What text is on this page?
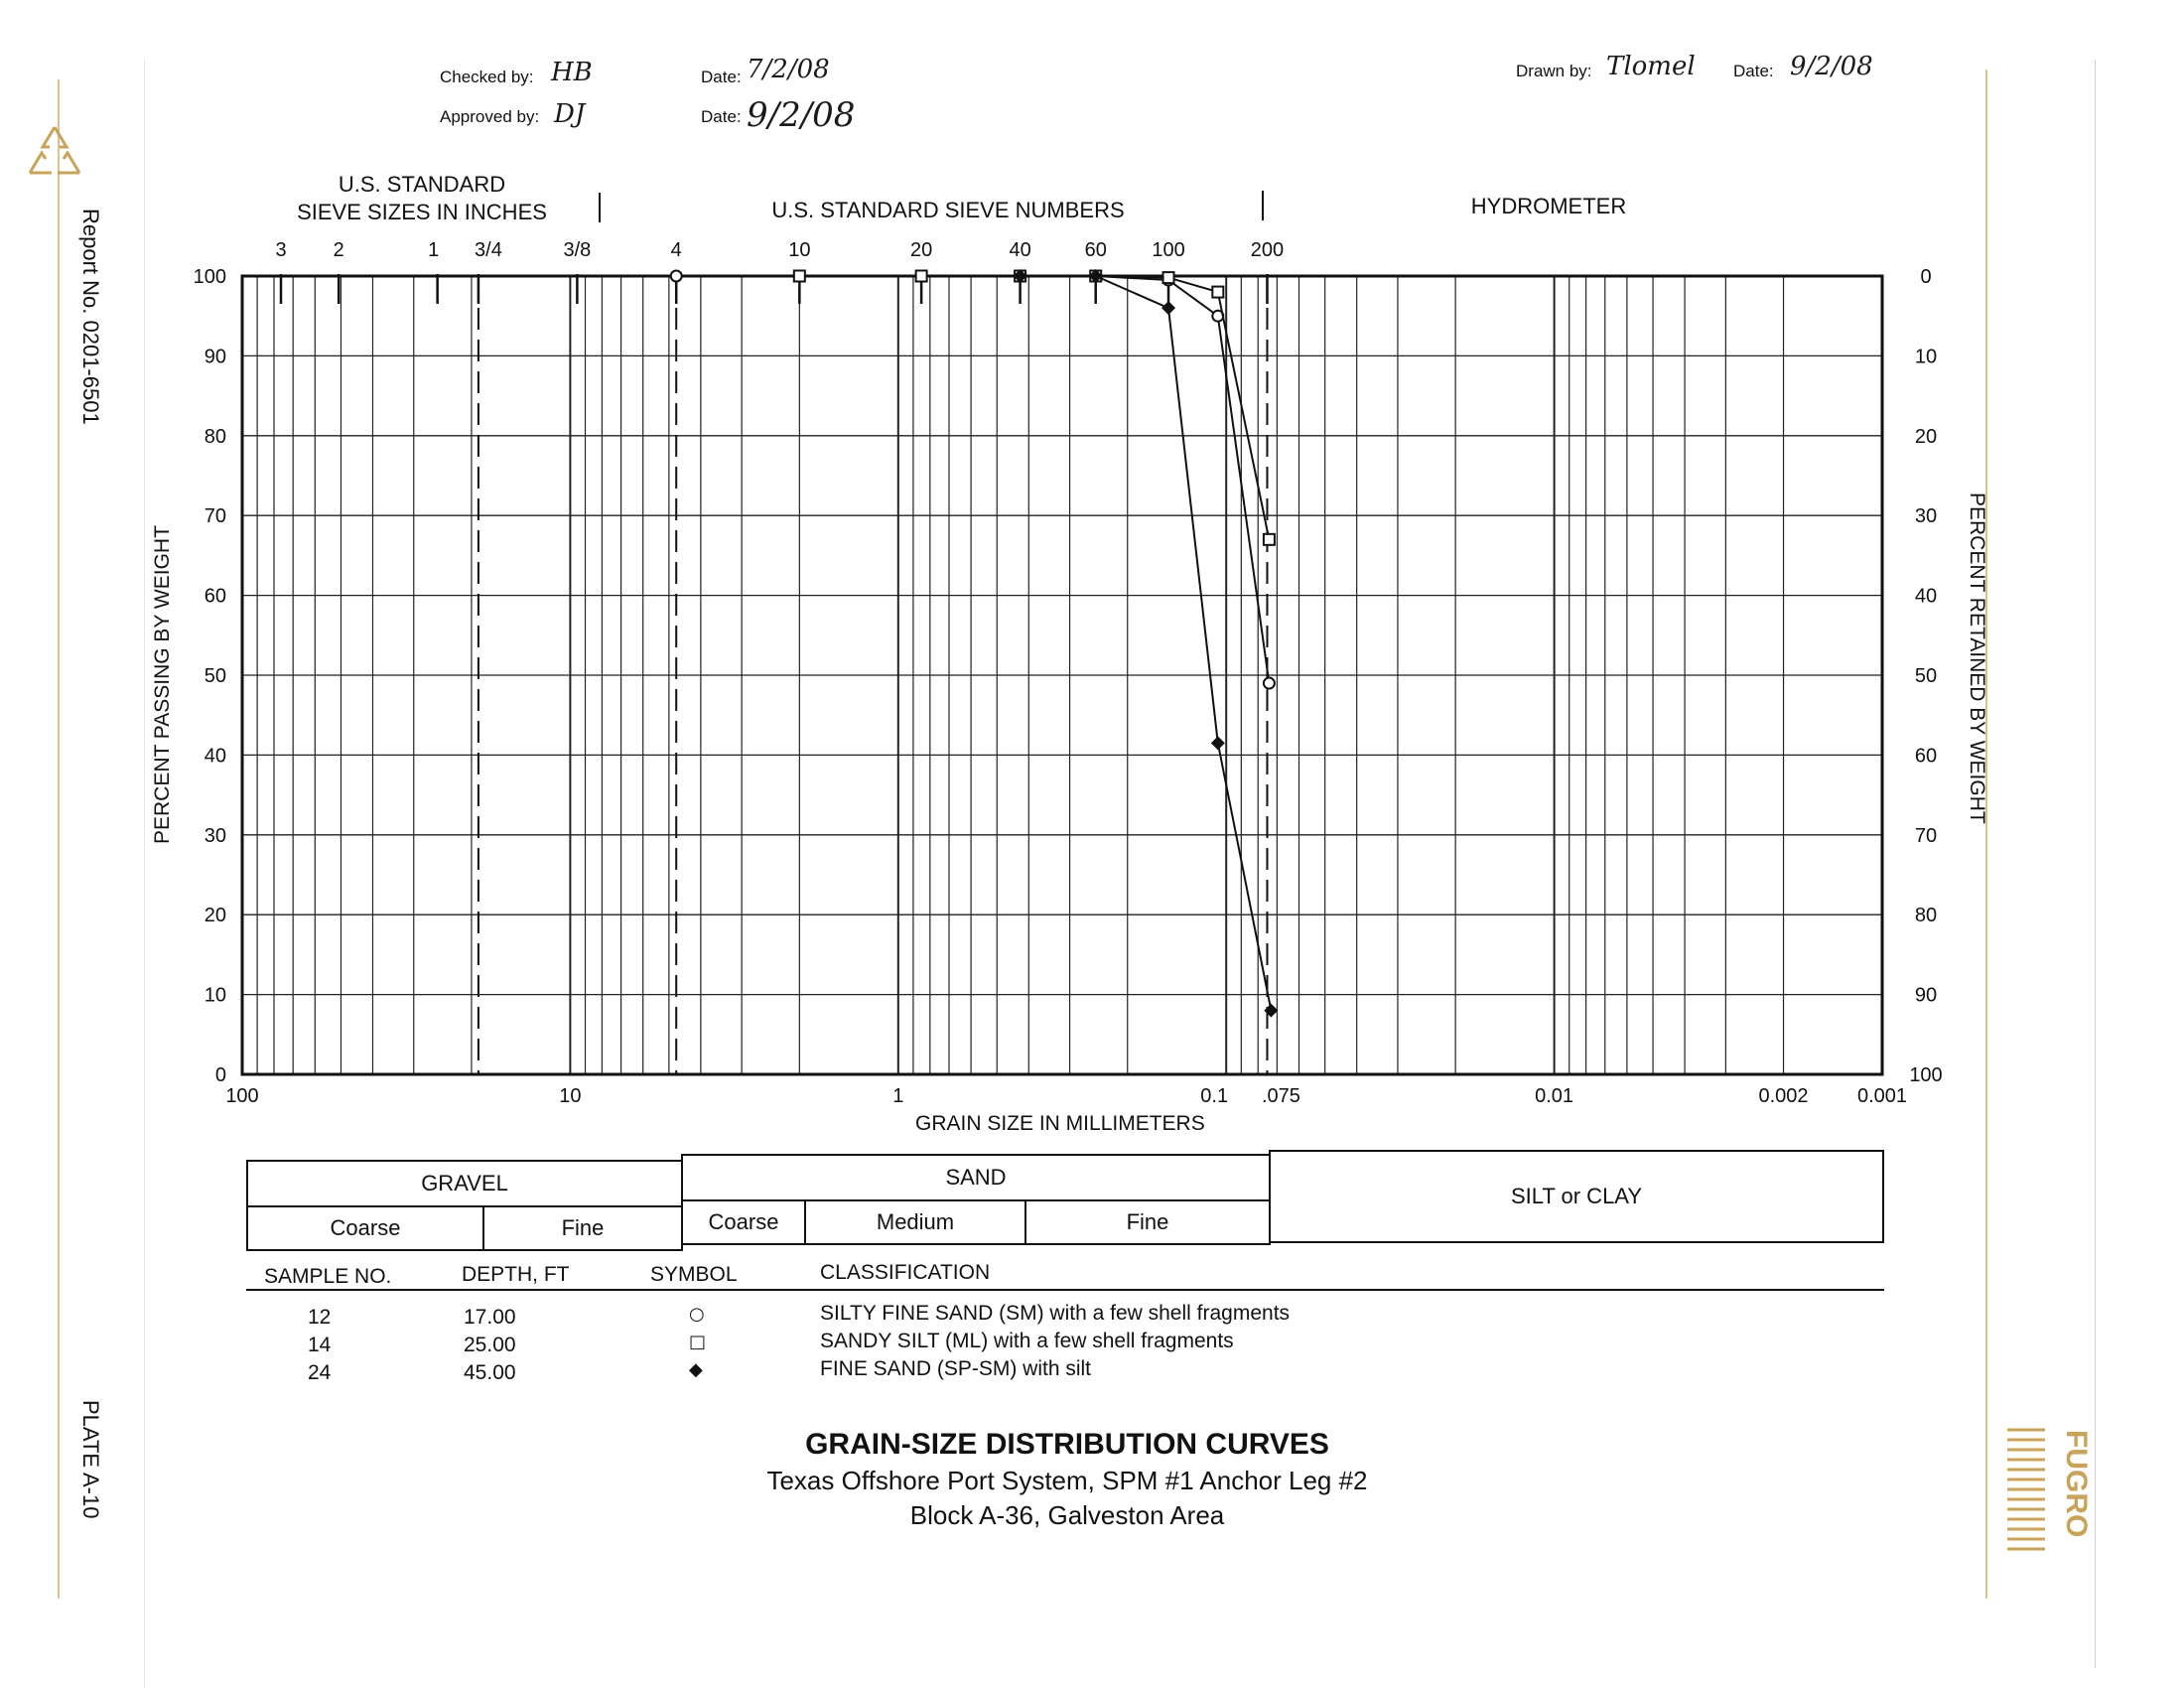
Checked by: HB	Date: 7/2/08
Approved by: DJ	Date: 9/2/08
Drawn by: Tlomel Date: 9/2/08
Report No. 0201-6501
PLATE A-10	FUGRO
U.S. STANDARD
SIEVE SIZES IN INCHES	U.S. STANDARD SIEVE NUMBERS	HYDROMETER
0
10
20
30
40
50
60
70
80
90
100	0
10
20
30
40
50
60
70
80
90
100
100	10	1	0.1 .075	0.01	0.002 0.001
3 2	1 3/4	3/8	4	10	20	40	60 100	200
PERCENT PASSING BY WEIGHT	PERCENT RETAINED BY WEIGHT
GRAIN SIZE IN MILLIMETERS
GRAVEL	SAND
SILT or CLAY
Coarse	Fine	Coarse	Medium	Fine
SAMPLE NO.	DEPTH, FT	SYMBOL	CLASSIFICATION
12	17.00	○	SILTY FINE SAND (SM) with a few shell fragments
14	25.00	□	SANDY SILT (ML) with a few shell fragments
24	45.00	◆	FINE SAND (SP-SM) with silt
GRAIN-SIZE DISTRIBUTION CURVES
Texas Offshore Port System, SPM #1 Anchor Leg #2
Block A-36, Galveston Area
